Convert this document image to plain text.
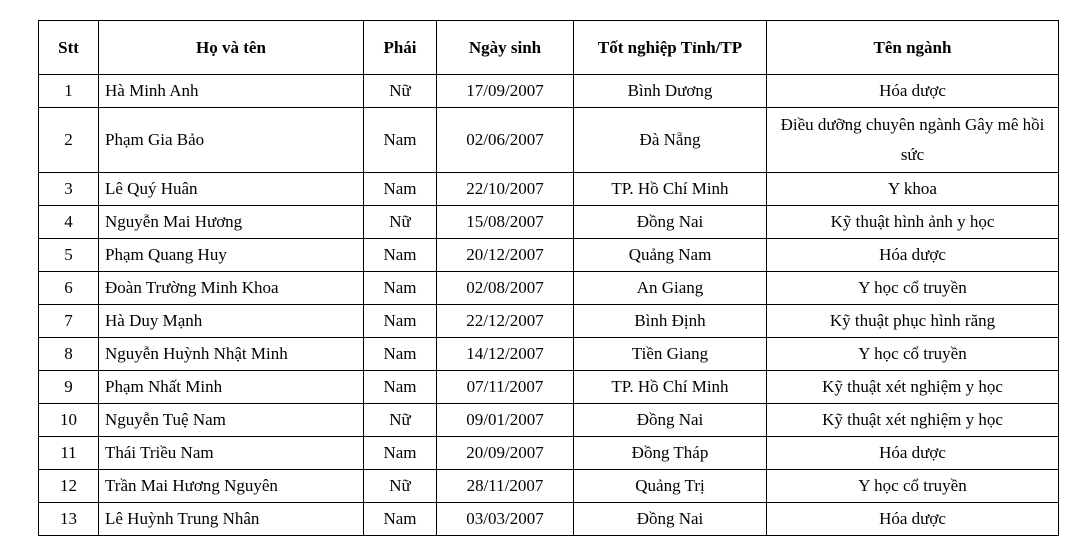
Stt	Họ và tên	Phái	Ngày sinh	Tốt nghiệp Tỉnh/TP	Tên ngành
1	Hà Minh Anh	Nữ	17/09/2007	Bình Dương	Hóa dược
2	Phạm Gia Bảo	Nam	02/06/2007	Đà Nẵng	Điều dưỡng chuyên ngành Gây mê hồi sức
3	Lê Quý Huân	Nam	22/10/2007	TP. Hồ Chí Minh	Y khoa
4	Nguyễn Mai Hương	Nữ	15/08/2007	Đồng Nai	Kỹ thuật hình ảnh y học
5	Phạm Quang Huy	Nam	20/12/2007	Quảng Nam	Hóa dược
6	Đoàn Trường Minh Khoa	Nam	02/08/2007	An Giang	Y học cổ truyền
7	Hà Duy Mạnh	Nam	22/12/2007	Bình Định	Kỹ thuật phục hình răng
8	Nguyễn Huỳnh Nhật Minh	Nam	14/12/2007	Tiền Giang	Y học cổ truyền
9	Phạm Nhất Minh	Nam	07/11/2007	TP. Hồ Chí Minh	Kỹ thuật xét nghiệm y học
10	Nguyễn Tuệ Nam	Nữ	09/01/2007	Đồng Nai	Kỹ thuật xét nghiệm y học
11	Thái Triều Nam	Nam	20/09/2007	Đồng Tháp	Hóa dược
12	Trần Mai Hương Nguyên	Nữ	28/11/2007	Quảng Trị	Y học cổ truyền
13	Lê Huỳnh Trung Nhân	Nam	03/03/2007	Đồng Nai	Hóa dược
